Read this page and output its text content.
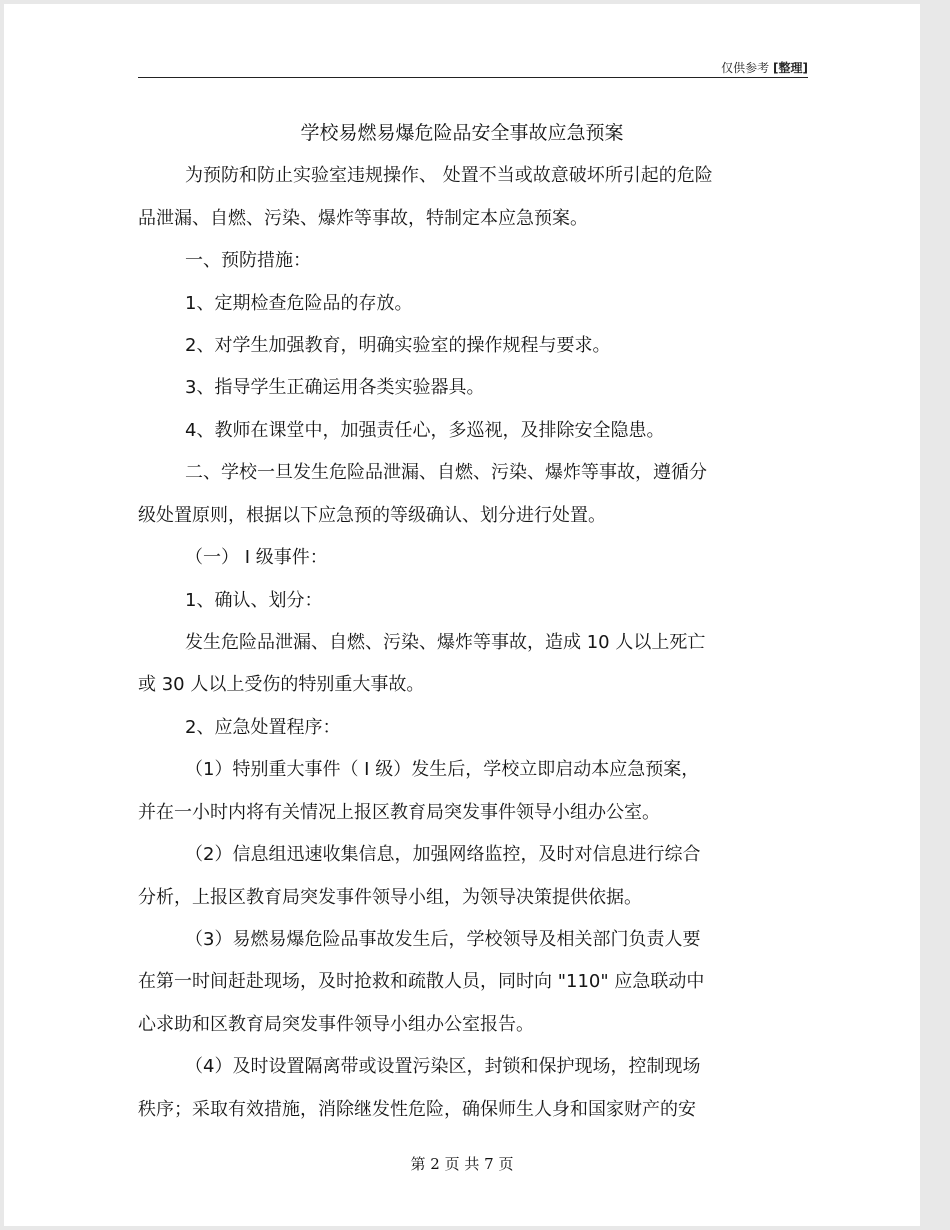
仅供参考 [整理]
学校易燃易爆危险品安全事故应急预案
为预防和防止实验室违规操作、 处置不当或故意破坏所引起的危险
品泄漏、自燃、污染、爆炸等事故，特制定本应急预案。
一、预防措施：
1、定期检查危险品的存放。
2、对学生加强教育，明确实验室的操作规程与要求。
3、指导学生正确运用各类实验器具。
4、教师在课堂中，加强责任心，多巡视，及排除安全隐患。
二、学校一旦发生危险品泄漏、自燃、污染、爆炸等事故，遵循分
级处置原则，根据以下应急预的等级确认、划分进行处置。
（一） I 级事件：
1、确认、划分：
发生危险品泄漏、自燃、污染、爆炸等事故，造成 10 人以上死亡
或 30 人以上受伤的特别重大事故。
2、应急处置程序：
（1）特别重大事件（ I 级）发生后，学校立即启动本应急预案，
并在一小时内将有关情况上报区教育局突发事件领导小组办公室。
（2）信息组迅速收集信息，加强网络监控，及时对信息进行综合
分析，上报区教育局突发事件领导小组，为领导决策提供依据。
（3）易燃易爆危险品事故发生后，学校领导及相关部门负责人要
在第一时间赶赴现场，及时抢救和疏散人员，同时向 "110" 应急联动中
心求助和区教育局突发事件领导小组办公室报告。
（4）及时设置隔离带或设置污染区，封锁和保护现场，控制现场
秩序；采取有效措施，消除继发性危险，确保师生人身和国家财产的安
第 2 页 共 7 页
